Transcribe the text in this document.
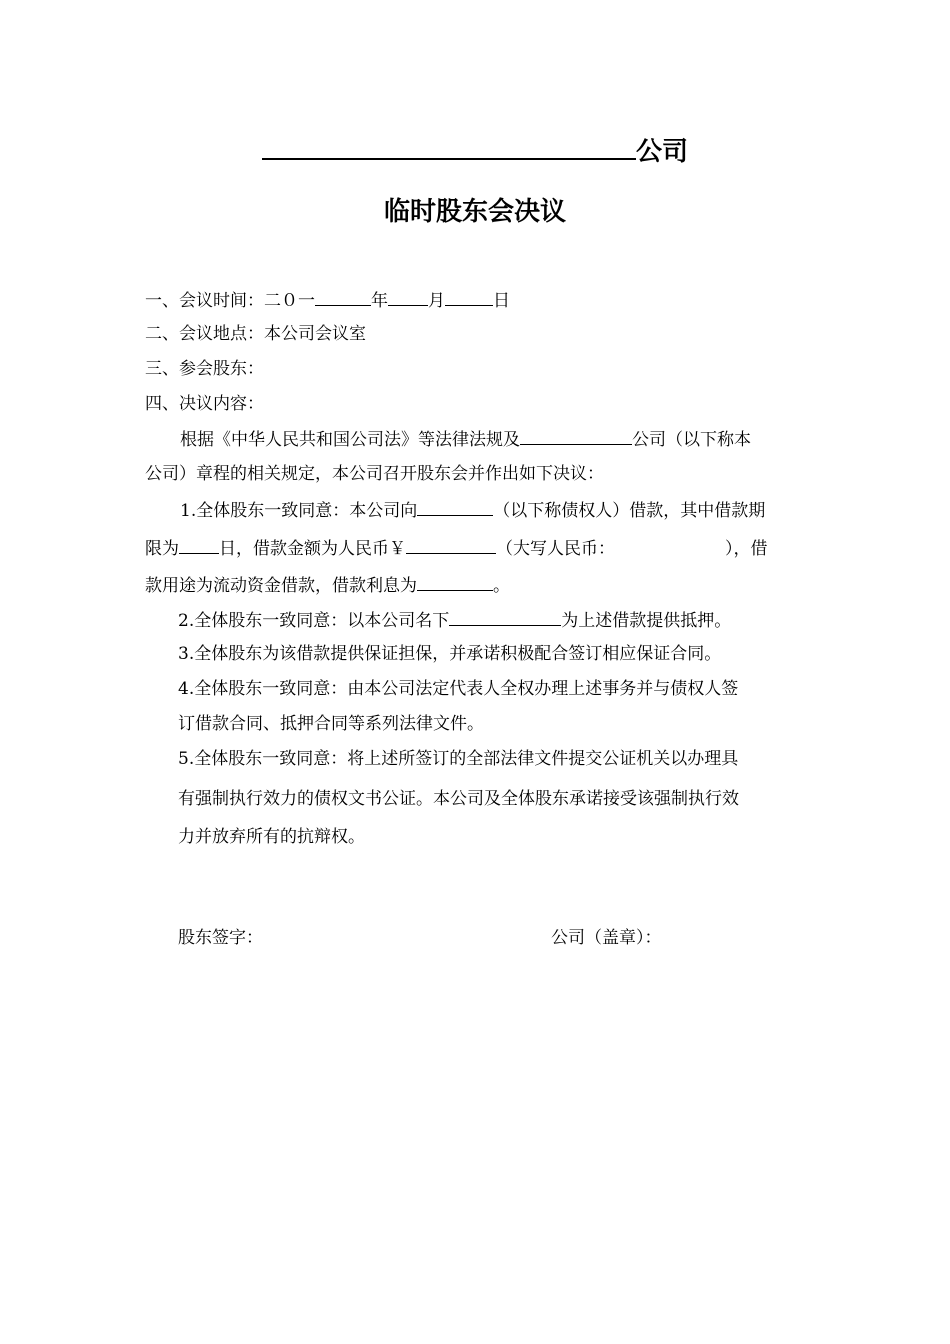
公司
临时股东会决议
一、会议时间：二０一	年 月	日
二、会议地点：本公司会议室
三、参会股东：
四、决议内容：
根据《中华人民共和国公司法》等法律法规及	公司（以下称本
公司）章程的相关规定，本公司召开股东会并作出如下决议：
1.全体股东一致同意：本公司向	（以下称债权人）借款，其中借款期
限为 日，借款金额为人民币￥	（大写人民币：	），借
款用途为流动资金借款，借款利息为	。
2.全体股东一致同意：以本公司名下	为上述借款提供抵押。
3.全体股东为该借款提供保证担保，并承诺积极配合签订相应保证合同。
4.全体股东一致同意：由本公司法定代表人全权办理上述事务并与债权人签
订借款合同、抵押合同等系列法律文件。
5.全体股东一致同意：将上述所签订的全部法律文件提交公证机关以办理具
有强制执行效力的债权文书公证。本公司及全体股东承诺接受该强制执行效
力并放弃所有的抗辩权。
股东签字：	公司（盖章）：
